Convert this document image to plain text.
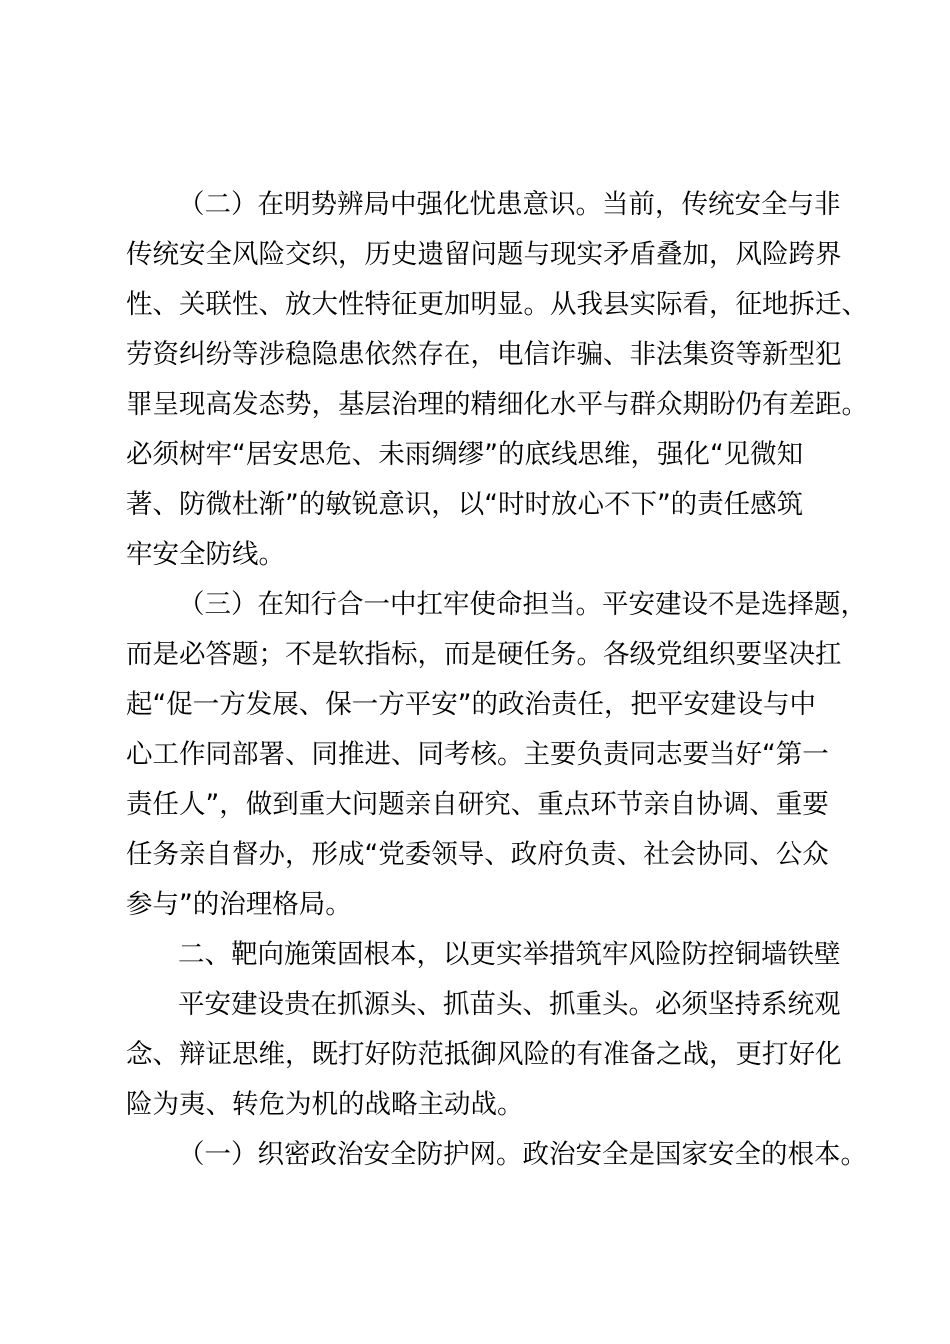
（二）在明势辨局中强化忧患意识。当前，传统安全与非
传统安全风险交织，历史遗留问题与现实矛盾叠加，风险跨界
性、关联性、放大性特征更加明显。从我县实际看，征地拆迁、
劳资纠纷等涉稳隐患依然存在，电信诈骗、非法集资等新型犯
罪呈现高发态势，基层治理的精细化水平与群众期盼仍有差距。
必须树牢“居安思危、未雨绸缪”的底线思维，强化“见微知
著、防微杜渐”的敏锐意识，以“时时放心不下”的责任感筑
牢安全防线。
（三）在知行合一中扛牢使命担当。平安建设不是选择题，
而是必答题；不是软指标，而是硬任务。各级党组织要坚决扛
起“促一方发展、保一方平安”的政治责任，把平安建设与中
心工作同部署、同推进、同考核。主要负责同志要当好“第一
责任人”，做到重大问题亲自研究、重点环节亲自协调、重要
任务亲自督办，形成“党委领导、政府负责、社会协同、公众
参与”的治理格局。
二、靶向施策固根本，以更实举措筑牢风险防控铜墙铁壁
平安建设贵在抓源头、抓苗头、抓重头。必须坚持系统观
念、辩证思维，既打好防范抵御风险的有准备之战，更打好化
险为夷、转危为机的战略主动战。
（一）织密政治安全防护网。政治安全是国家安全的根本。
